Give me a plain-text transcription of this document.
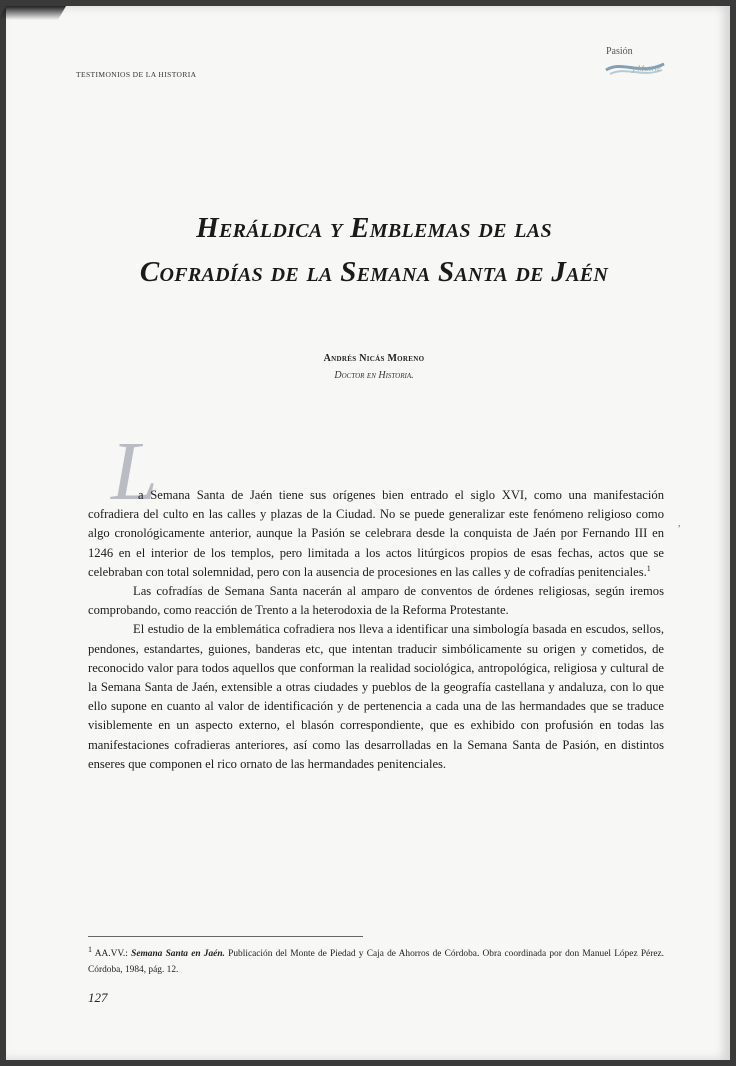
TESTIMONIOS DE LA HISTORIA
Pasión
y Muerte
Heráldica y Emblemas de las
Cofradías de la Semana Santa de Jaén
Andrés Nicás Moreno
Doctor en Historia.
L

a Semana Santa de Jaén tiene sus orígenes bien entrado el siglo XVI, como una manifestación cofradiera del culto en las calles y plazas de la Ciudad. No se puede generalizar este fenómeno religioso como algo cronológicamente anterior, aunque la Pasión se celebrara desde la conquista de Jaén por Fernando III en 1246 en el interior de los templos, pero limitada a los actos litúrgicos propios de esas fechas, actos que se celebraban con total solemnidad, pero con la ausencia de procesiones en las calles y de cofradías penitenciales.$^1$

Las cofradías de Semana Santa nacerán al amparo de conventos de órdenes religiosas, según iremos comprobando, como reacción de Trento a la heterodoxia de la Reforma Protestante.

El estudio de la emblemática cofradiera nos lleva a identificar una simbología basada en escudos, sellos, pendones, estandartes, guiones, banderas etc, que intentan traducir simbólicamente su origen y cometidos, de reconocido valor para todos aquellos que conforman la realidad sociológica, antropológica, religiosa y cultural de la Semana Santa de Jaén, extensible a otras ciudades y pueblos de la geografía castellana y andaluza, con lo que ello supone en cuanto al valor de identificación y de pertenencia a cada una de las hermandades que se traduce visiblemente en un aspecto externo, el blasón correspondiente, que es exhibido con profusión en todas las manifestaciones cofradieras anteriores, así como las desarrolladas en la Semana Santa de Pasión, en distintos enseres que componen el rico ornato de las hermandades penitenciales.

,
1 AA.VV.: Semana Santa en Jaén. Publicación del Monte de Piedad y Caja de Ahorros de Córdoba. Obra coordinada por don Manuel López Pérez. Córdoba, 1984, pág. 12.
127
